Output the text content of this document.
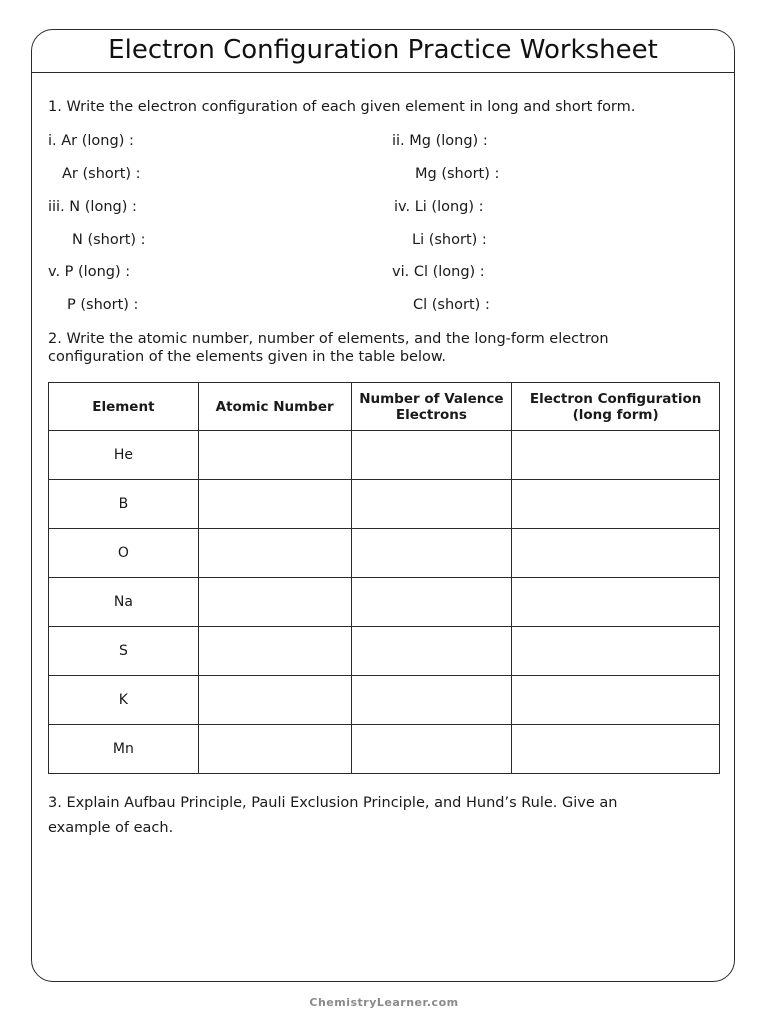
Electron Configuration Practice Worksheet
1. Write the electron configuration of each given element in long and short form.
i. Ar (long) :	ii. Mg (long) :
Ar (short) :	Mg (short) :
iii. N (long) :	iv. Li (long) :
N (short) :	Li (short) :
v. P (long) :	vi. Cl (long) :
P (short) :	Cl (short) :
2. Write the atomic number, number of elements, and the long-form electron configuration of the elements given in the table below.
Element	Atomic Number	Number of Valence Electrons	Electron Configuration (long form)
He			
B			
O			
Na			
S			
K			
Mn			
3. Explain Aufbau Principle, Pauli Exclusion Principle, and Hund’s Rule. Give an example of each.
ChemistryLearner.com
